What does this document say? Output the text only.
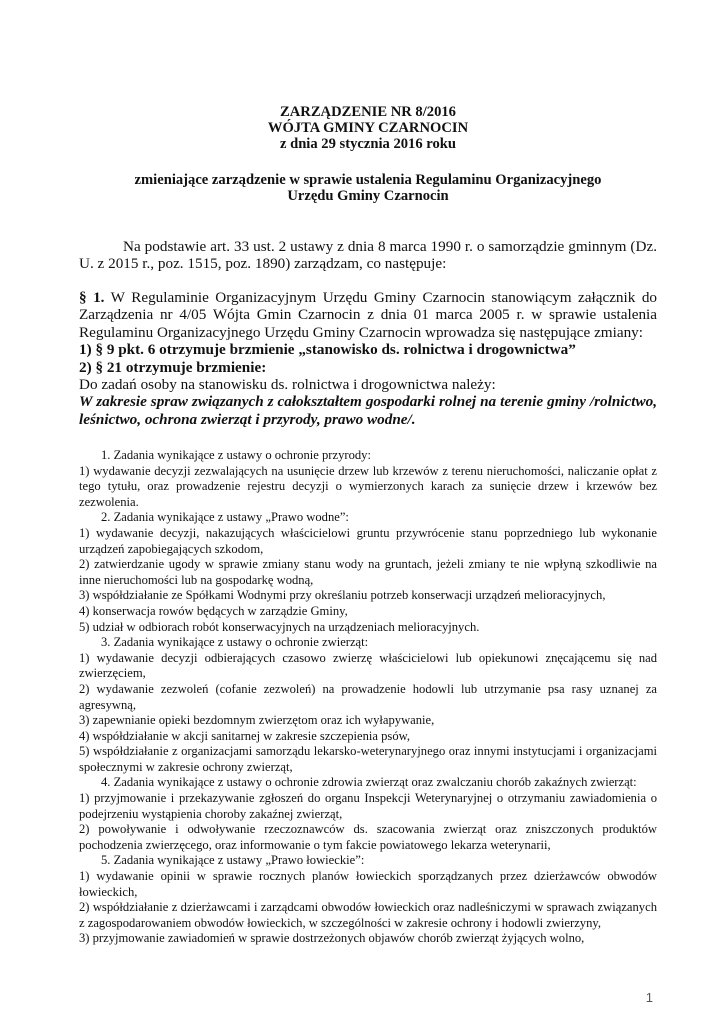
ZARZĄDZENIE NR 8/2016
WÓJTA GMINY CZARNOCIN
z dnia 29 stycznia 2016 roku
zmieniające zarządzenie w sprawie ustalenia Regulaminu Organizacyjnego
Urzędu Gminy Czarnocin
Na podstawie art. 33 ust. 2 ustawy z dnia 8 marca 1990 r. o samorządzie gminnym (Dz. U. z 2015 r., poz. 1515, poz. 1890) zarządzam, co następuje:
§ 1. W Regulaminie Organizacyjnym Urzędu Gminy Czarnocin stanowiącym załącznik do Zarządzenia nr 4/05 Wójta Gmin Czarnocin z dnia 01 marca 2005 r. w sprawie ustalenia Regulaminu Organizacyjnego Urzędu Gminy Czarnocin wprowadza się następujące zmiany:
1) § 9 pkt. 6 otrzymuje brzmienie „stanowisko ds. rolnictwa i drogownictwa”
2) § 21 otrzymuje brzmienie:
Do zadań osoby na stanowisku ds. rolnictwa i drogownictwa należy:
W zakresie spraw związanych z całokształtem gospodarki rolnej na terenie gminy /rolnictwo, leśnictwo, ochrona zwierząt i przyrody, prawo wodne/.
1. Zadania wynikające z ustawy o ochronie przyrody:
1) wydawanie decyzji zezwalających na usunięcie drzew lub krzewów z terenu nieruchomości, naliczanie opłat z tego tytułu, oraz prowadzenie rejestru decyzji o wymierzonych karach za sunięcie drzew i krzewów bez zezwolenia.
2. Zadania wynikające z ustawy „Prawo wodne”:
1) wydawanie decyzji, nakazujących właścicielowi gruntu przywrócenie stanu poprzedniego lub wykonanie urządzeń zapobiegających szkodom,
2) zatwierdzanie ugody w sprawie zmiany stanu wody na gruntach, jeżeli zmiany te nie wpłyną szkodliwie na inne nieruchomości lub na gospodarkę wodną,
3) współdziałanie ze Spółkami Wodnymi przy określaniu potrzeb konserwacji urządzeń melioracyjnych,
4) konserwacja rowów będących w zarządzie Gminy,
5) udział w odbiorach robót konserwacyjnych na urządzeniach melioracyjnych.
3. Zadania wynikające z ustawy o ochronie zwierząt:
1) wydawanie decyzji odbierających czasowo zwierzę właścicielowi lub opiekunowi znęcającemu się nad zwierzęciem,
2) wydawanie zezwoleń (cofanie zezwoleń) na prowadzenie hodowli lub utrzymanie psa rasy uznanej za agresywną,
3) zapewnianie opieki bezdomnym zwierzętom oraz ich wyłapywanie,
4) współdziałanie w akcji sanitarnej w zakresie szczepienia psów,
5) współdziałanie z organizacjami samorządu lekarsko-weterynaryjnego oraz innymi instytucjami i organizacjami społecznymi w zakresie ochrony zwierząt,
4. Zadania wynikające z ustawy o ochronie zdrowia zwierząt oraz zwalczaniu chorób zakaźnych zwierząt:
1) przyjmowanie i przekazywanie zgłoszeń do organu Inspekcji Weterynaryjnej o otrzymaniu zawiadomienia o podejrzeniu wystąpienia choroby zakaźnej zwierząt,
2) powoływanie i odwoływanie rzeczoznawców ds. szacowania zwierząt oraz zniszczonych produktów pochodzenia zwierzęcego, oraz informowanie o tym fakcie powiatowego lekarza weterynarii,
5. Zadania wynikające z ustawy „Prawo łowieckie”:
1) wydawanie opinii w sprawie rocznych planów łowieckich sporządzanych przez dzierżawców obwodów łowieckich,
2) współdziałanie z dzierżawcami i zarządcami obwodów łowieckich oraz nadleśniczymi w sprawach związanych z zagospodarowaniem obwodów łowieckich, w szczególności w zakresie ochrony i hodowli zwierzyny,
3) przyjmowanie zawiadomień w sprawie dostrzeżonych objawów chorób zwierząt żyjących wolno,
1
